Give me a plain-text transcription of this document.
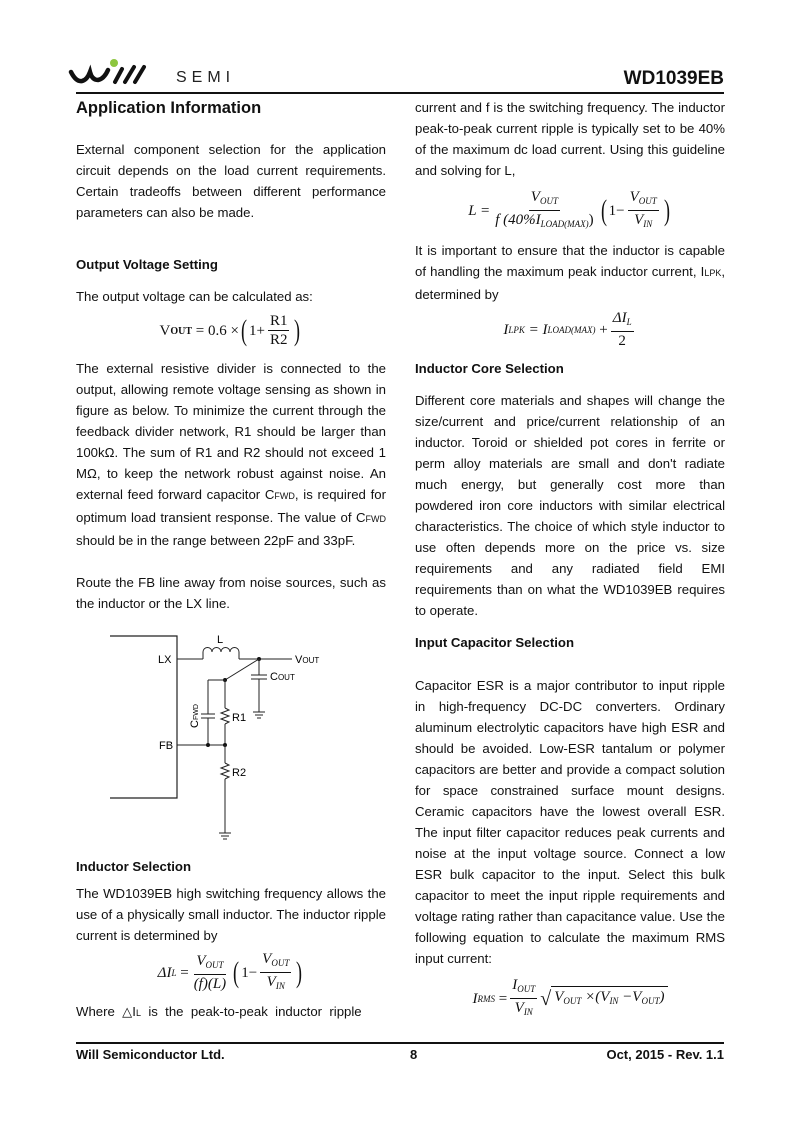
SEMI	WD1039EB
Application Information

External component selection for the application circuit depends on the load current requirements. Certain tradeoffs between different performance parameters can also be made.

Output Voltage Setting

The output voltage can be calculated as:

V OUT
= 0.6 × ( $1+ \frac{R1}{R2}$ )

The external resistive divider is connected to the output, allowing remote voltage sensing as shown in figure as below. To minimize the current through the feedback divider network, R1 should be larger than 100kΩ. The sum of R1 and R2 should not exceed 1 MΩ, to keep the network robust against noise. An external feed forward capacitor CFWD, is required for optimum load transient response. The value of CFWD should be in the range between 22pF and 33pF.

Route the FB line away from noise sources, such as the inductor or the LX line.

LX
FB
L
VOUT
COUT
CFWD	R1
R2
Inductor Selection

The WD1039EB high switching frequency allows the use of a physically small inductor. The inductor ripple current is determined by

ΔI $L = \frac{V_{OUT}}{(f)(L)}$ ( $1- \frac{V_{OUT}}{V_{IN}}$ )

Where  △IL  is  the  peak-to-peak  inductor  ripple

current and f is the switching frequency. The inductor peak-to-peak current ripple is typically set to be 40% of the maximum dc load current. Using this guideline and solving for L,

$L = \frac{V_{OUT}}{f (40\%I_{LOAD(MAX)})}$ ( $1- \frac{V_{OUT}}{V_{IN}}$ )

It is important to ensure that the inductor is capable of handling the maximum peak inductor current, ILPK, determined by

I LPK
= I LOAD(MAX)
+ $\frac{\Delta I_L}{2}$
Inductor Core Selection

Different core materials and shapes will change the size/current and price/current relationship of an inductor. Toroid or shielded pot cores in ferrite or perm alloy materials are small and don't radiate much energy, but generally cost more than powdered iron core inductors with similar electrical characteristics. The choice of which style inductor to use often depends more on the price vs. size requirements and any radiated field EMI requirements than on what the WD1039EB requires to operate.

Input Capacitor Selection

Capacitor ESR is a major contributor to input ripple in high-frequency DC-DC converters. Ordinary aluminum electrolytic capacitors have high ESR and should be avoided. Low-ESR tantalum or polymer capacitors are better and provide a compact solution for space constrained surface mount designs. Ceramic capacitors have the lowest overall ESR. The input filter capacitor reduces peak currents and noise at the input voltage source. Connect a low ESR bulk capacitor to the input. Select this bulk capacitor to meet the input ripple requirements and voltage rating rather than capacitance value. Use the following equation to calculate the maximum RMS input current:

I RMS = $\frac{I_{OUT}}{V_{IN}}$ √ $V_{OUT} \times(V_{IN} -V_{OUT})$
Will Semiconductor Ltd.	8	Oct, 2015 - Rev. 1.1
